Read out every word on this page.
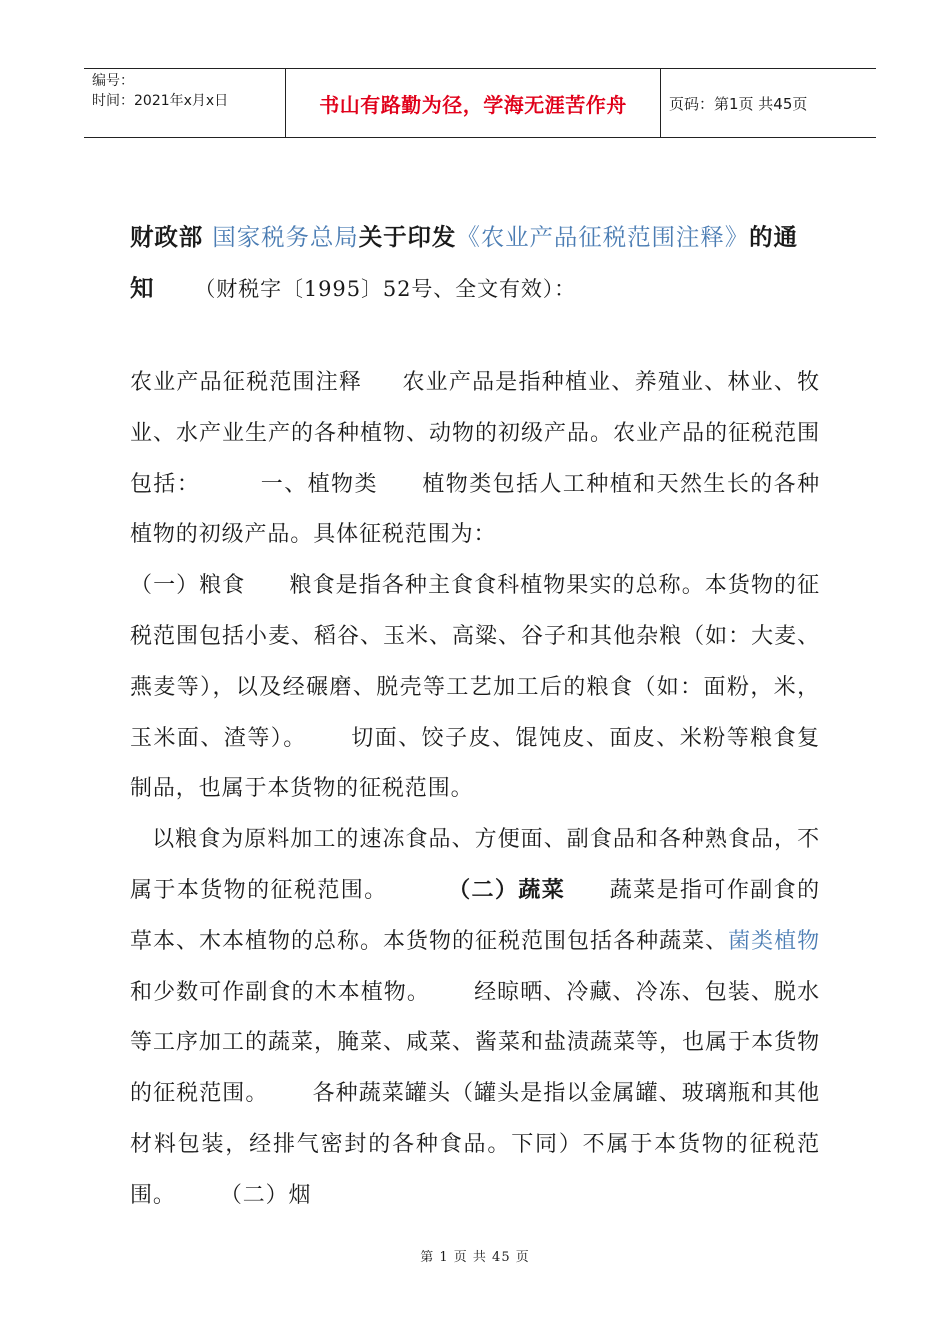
编号：
时间：2021年x月x日	书山有路勤为径，学海无涯苦作舟	页码：第1页 共45页

财政部 国家税务总局关于印发《农业产品征税范围注释》的通知 （财税字〔1995〕52号、全文有效）：

农业产品征税范围注释 农业产品是指种植业、养殖业、林业、牧业、水产业生产的各种植物、动物的初级产品。农业产品的征税范围包括：	一、植物类 植物类包括人工种植和天然生长的各种植物的初级产品。具体征税范围为：

（一）粮食 粮食是指各种主食食科植物果实的总称。本货物的征税范围包括小麦、稻谷、玉米、高粱、谷子和其他杂粮（如：大麦、燕麦等），以及经碾磨、脱壳等工艺加工后的粮食（如：面粉，米，玉米面、渣等）。 切面、饺子皮、馄饨皮、面皮、米粉等粮食复制品，也属于本货物的征税范围。

以粮食为原料加工的速冻食品、方便面、副食品和各种熟食品，不属于本货物的征税范围。	（二）蔬菜 蔬菜是指可作副食的草本、木本植物的总称。本货物的征税范围包括各种蔬菜、菌类植物和少数可作副食的木本植物。 经晾晒、冷藏、冷冻、包装、脱水等工序加工的蔬菜，腌菜、咸菜、酱菜和盐渍蔬菜等，也属于本货物的征税范围。 各种蔬菜罐头（罐头是指以金属罐、玻璃瓶和其他材料包装，经排气密封的各种食品。下同）不属于本货物的征税范围。 （二）烟

第 1 页 共 45 页
